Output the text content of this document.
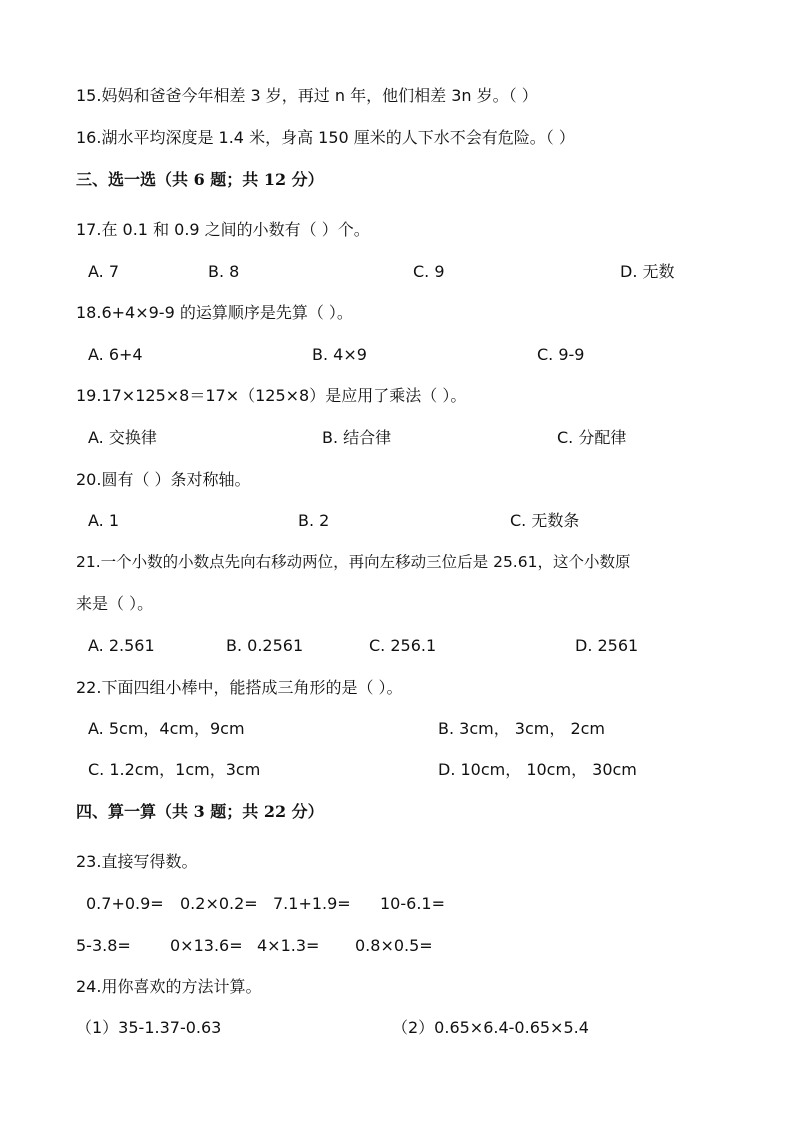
15.妈妈和爸爸今年相差 3 岁，再过 n 年，他们相差 3n 岁。（ ）
16.湖水平均深度是 1.4 米，身高 150 厘米的人下水不会有危险。（ ）
三、选一选（共 6 题；共 12 分）
17.在 0.1 和 0.9 之间的小数有（ ）个。
A. 7	B. 8	C. 9	D. 无数
18.6+4×9-9 的运算顺序是先算（ ）。
A. 6+4	B. 4×9	C. 9-9
19.17×125×8＝17×（125×8）是应用了乘法（ ）。
A. 交换律	B. 结合律	C. 分配律
20.圆有（ ）条对称轴。
A. 1	B. 2	C. 无数条
21.一个小数的小数点先向右移动两位，再向左移动三位后是 25.61，这个小数原
来是（ ）。
A. 2.561	B. 0.2561	C. 256.1	D. 2561
22.下面四组小棒中，能搭成三角形的是（ ）。
A. 5cm，4cm，9cm	B. 3cm， 3cm， 2cm
C. 1.2cm，1cm，3cm	D. 10cm， 10cm， 30cm
四、算一算（共 3 题；共 22 分）
23.直接写得数。
0.7+0.9= 0.2×0.2= 7.1+1.9= 10-6.1=
5-3.8= 0×13.6= 4×1.3= 0.8×0.5=
24.用你喜欢的方法计算。
（1）35-1.37-0.63	（2）0.65×6.4-0.65×5.4
